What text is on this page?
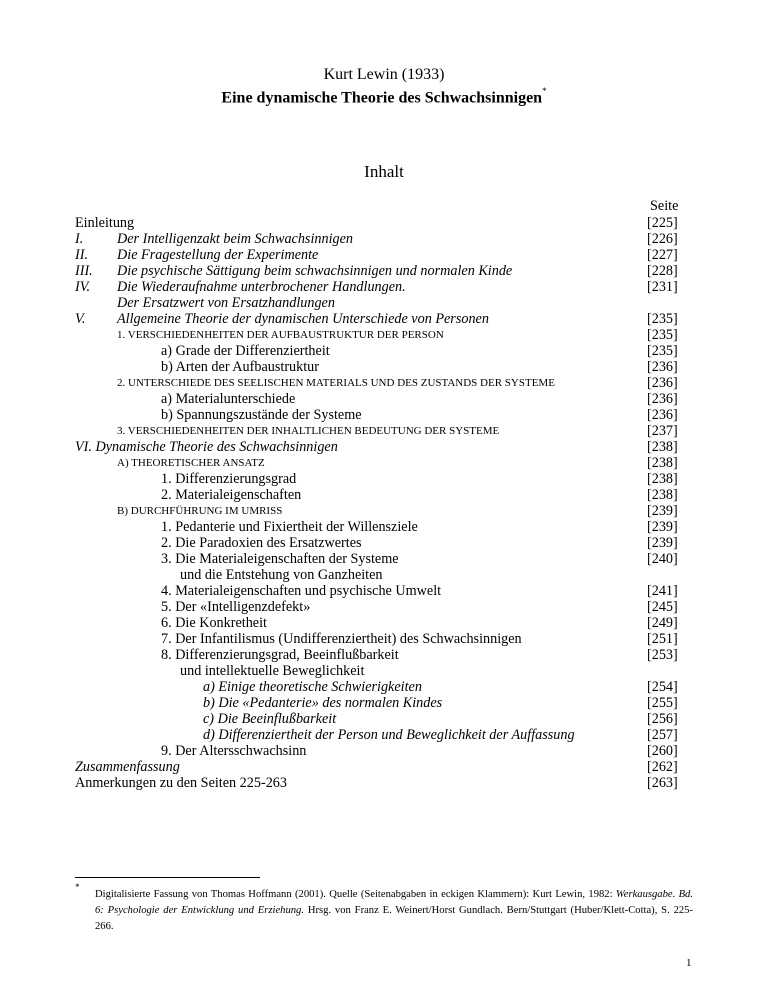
Kurt Lewin (1933)
Eine dynamische Theorie des Schwachsinnigen*
Inhalt
Seite
Einleitung	[225]
I. Der Intelligenzakt beim Schwachsinnigen	[226]
II. Die Fragestellung der Experimente	[227]
III. Die psychische Sättigung beim schwachsinnigen und normalen Kinde	[228]
IV. Die Wiederaufnahme unterbrochener Handlungen.	[231]
Der Ersatzwert von Ersatzhandlungen
V. Allgemeine Theorie der dynamischen Unterschiede von Personen	[235]
1. VERSCHIEDENHEITEN DER AUFBAUSTRUKTUR DER PERSON	[235]
a) Grade der Differenziertheit	[235]
b) Arten der Aufbaustruktur	[236]
2. UNTERSCHIEDE DES SEELISCHEN MATERIALS UND DES ZUSTANDS DER SYSTEME	[236]
a) Materialunterschiede	[236]
b) Spannungszustände der Systeme	[236]
3. VERSCHIEDENHEITEN DER INHALTLICHEN BEDEUTUNG DER SYSTEME	[237]
VI. Dynamische Theorie des Schwachsinnigen	[238]
A) THEORETISCHER ANSATZ	[238]
1. Differenzierungsgrad	[238]
2. Materialeigenschaften	[238]
B) DURCHFÜHRUNG IM UMRISS	[239]
1. Pedanterie und Fixiertheit der Willensziele	[239]
2. Die Paradoxien des Ersatzwertes	[239]
3. Die Materialeigenschaften der Systeme	[240]
und die Entstehung von Ganzheiten
4. Materialeigenschaften und psychische Umwelt	[241]
5. Der «Intelligenzdefekt»	[245]
6. Die Konkretheit	[249]
7. Der Infantilismus (Undifferenziertheit) des Schwachsinnigen	[251]
8. Differenzierungsgrad, Beeinflußbarkeit	[253]
und intellektuelle Beweglichkeit
a) Einige theoretische Schwierigkeiten	[254]
b) Die «Pedanterie» des normalen Kindes	[255]
c) Die Beeinflußbarkeit	[256]
d) Differenziertheit der Person und Beweglichkeit der Auffassung	[257]
9. Der Altersschwachsinn	[260]
Zusammenfassung	[262]
Anmerkungen zu den Seiten 225-263	[263]
*
Digitalisierte Fassung von Thomas Hoffmann (2001). Quelle (Seitenabgaben in eckigen Klammern): Kurt Lewin, 1982: Werkausgabe. Bd. 6: Psychologie der Entwicklung und Erziehung. Hrsg. von Franz E. Weinert/Horst Gundlach. Bern/Stuttgart (Huber/Klett-Cotta), S. 225-266.
1
